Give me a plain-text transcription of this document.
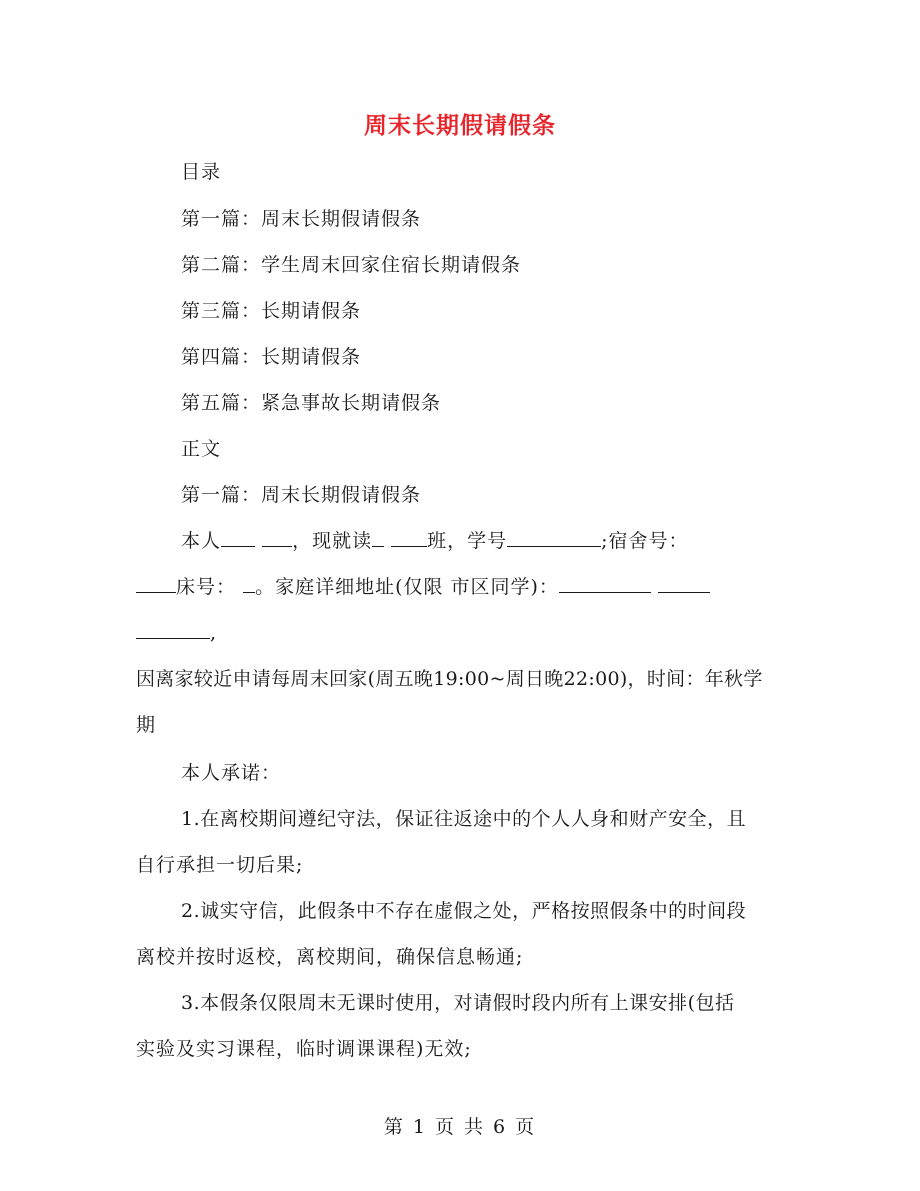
周末长期假请假条
目录
第一篇：周末长期假请假条
第二篇：学生周末回家住宿长期请假条
第三篇：长期请假条
第四篇：长期请假条
第五篇：紧急事故长期请假条
正文
第一篇：周末长期假请假条
本人	，现就读	班，学号	;宿舍号：
床号： 。家庭详细地址(仅限 市区同学)：
,
因离家较近申请每周末回家(周五晚19:00~周日晚22:00)，时间：年秋学
期
本人承诺：
1.在离校期间遵纪守法，保证往返途中的个人人身和财产安全，且
自行承担一切后果;
2.诚实守信，此假条中不存在虚假之处，严格按照假条中的时间段
离校并按时返校，离校期间，确保信息畅通;
3.本假条仅限周末无课时使用，对请假时段内所有上课安排(包括
实验及实习课程，临时调课课程)无效;
第 1 页 共 6 页
